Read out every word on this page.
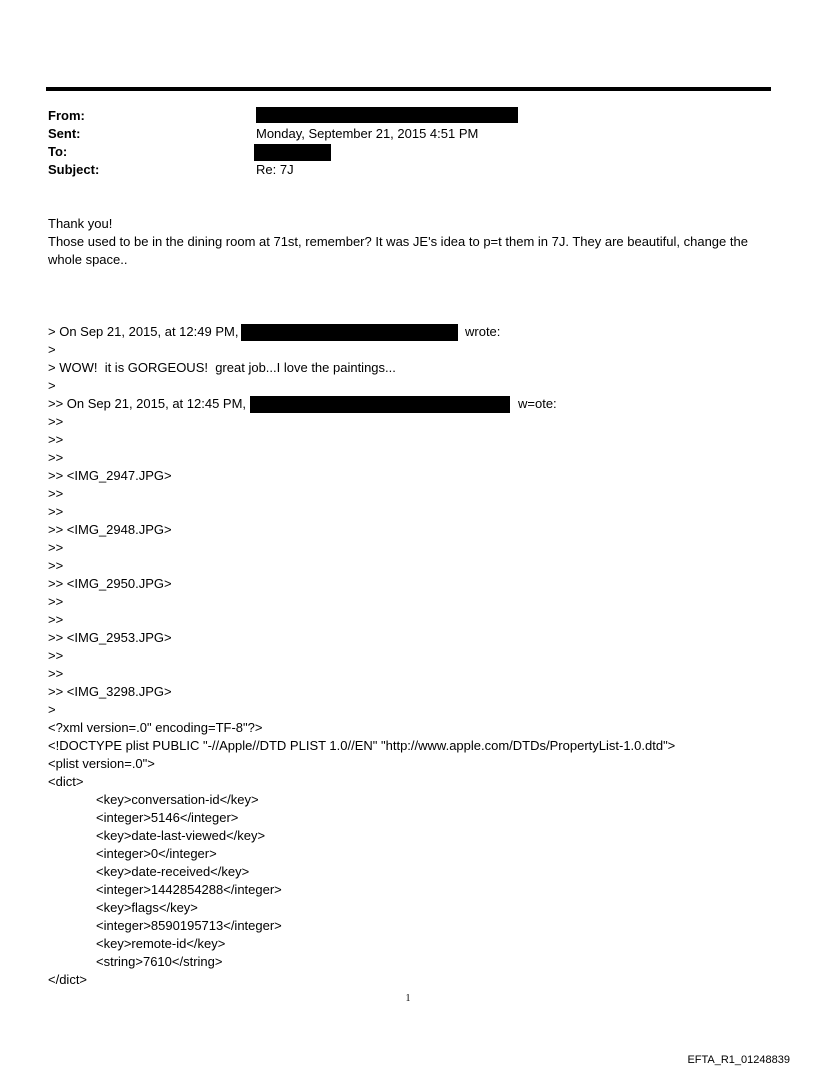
From:
Sent:	Monday, September 21, 2015 4:51 PM
To:
Subject:	Re: 7J
Thank you!
Those used to be in the dining room at 71st, remember? It was JE's idea to p=t them in 7J. They are beautiful, change the
whole space..
> On Sep 21, 2015, at 12:49 PM,	wrote:
>
> WOW!  it is GORGEOUS!  great job...I love the paintings...
>
>> On Sep 21, 2015, at 12:45 PM,	w=ote:
>>
>>
>>
>> <IMG_2947.JPG>
>>
>>
>> <IMG_2948.JPG>
>>
>>
>> <IMG_2950.JPG>
>>
>>
>> <IMG_2953.JPG>
>>
>>
>> <IMG_3298.JPG>
>
<?xml version=.0" encoding=TF-8"?>
<!DOCTYPE plist PUBLIC "-//Apple//DTD PLIST 1.0//EN" "http://www.apple.com/DTDs/PropertyList-1.0.dtd">
<plist version=.0">
<dict>
<key>conversation-id</key>
<integer>5146</integer>
<key>date-last-viewed</key>
<integer>0</integer>
<key>date-received</key>
<integer>1442854288</integer>
<key>flags</key>
<integer>8590195713</integer>
<key>remote-id</key>
<string>7610</string>
</dict>
1
EFTA_R1_01248839
